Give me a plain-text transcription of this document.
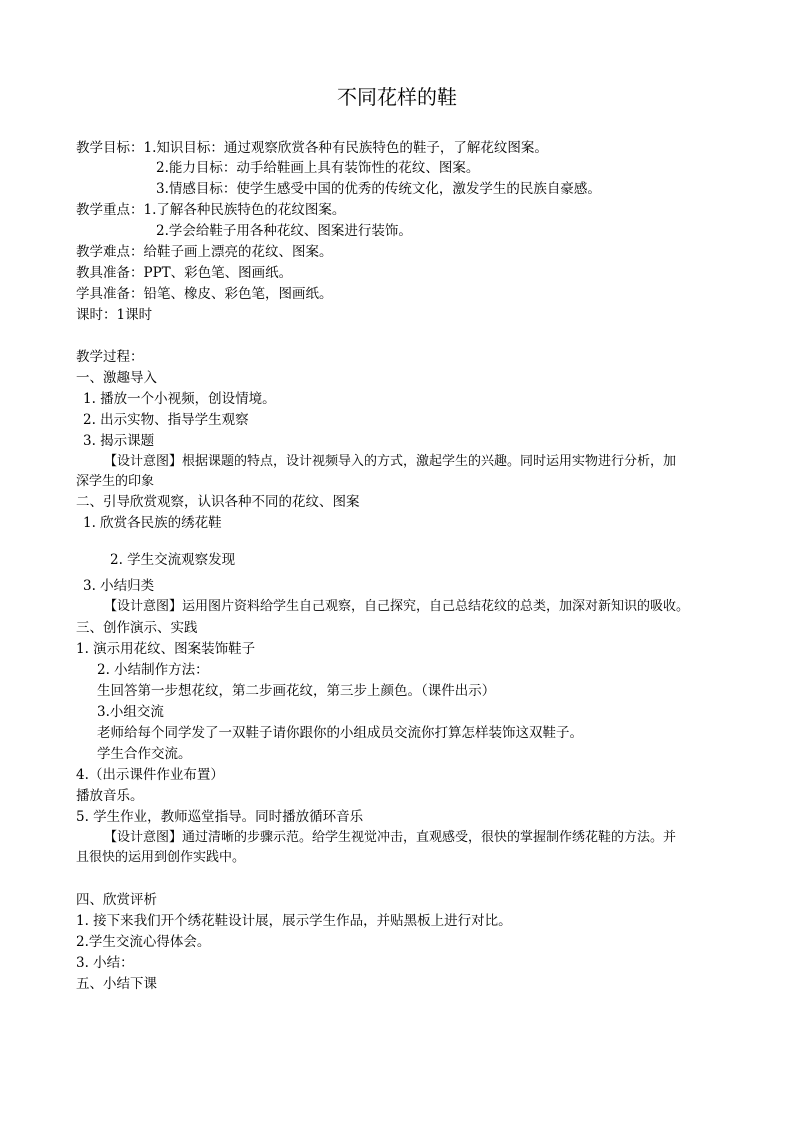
不同花样的鞋
教学目标：1.知识目标：通过观察欣赏各种有民族特色的鞋子，了解花纹图案。
2.能力目标：动手给鞋画上具有装饰性的花纹、图案。
3.情感目标：使学生感受中国的优秀的传统文化，激发学生的民族自豪感。
教学重点：1.了解各种民族特色的花纹图案。
2.学会给鞋子用各种花纹、图案进行装饰。
教学难点：给鞋子画上漂亮的花纹、图案。
教具准备：PPT、彩色笔、图画纸。
学具准备：铅笔、橡皮、彩色笔，图画纸。
课时：1课时
教学过程：
一、激趣导入
1. 播放一个小视频，创设情境。
2. 出示实物、指导学生观察
3. 揭示课题
【设计意图】根据课题的特点，设计视频导入的方式，激起学生的兴趣。同时运用实物进行分析，加
深学生的印象
二、引导欣赏观察，认识各种不同的花纹、图案
1. 欣赏各民族的绣花鞋
2. 学生交流观察发现
3. 小结归类
【设计意图】运用图片资料给学生自己观察，自己探究，自己总结花纹的总类，加深对新知识的吸收。
三、创作演示、实践
1. 演示用花纹、图案装饰鞋子
2. 小结制作方法：
生回答第一步想花纹，第二步画花纹，第三步上颜色。（课件出示）
3.小组交流
老师给每个同学发了一双鞋子请你跟你的小组成员交流你打算怎样装饰这双鞋子。
学生合作交流。
4.（出示课件作业布置）
播放音乐。
5. 学生作业，教师巡堂指导。同时播放循环音乐
【设计意图】通过清晰的步骤示范。给学生视觉冲击，直观感受，很快的掌握制作绣花鞋的方法。并
且很快的运用到创作实践中。
四、欣赏评析
1. 接下来我们开个绣花鞋设计展，展示学生作品，并贴黑板上进行对比。
2.学生交流心得体会。
3. 小结：
五、小结下课
